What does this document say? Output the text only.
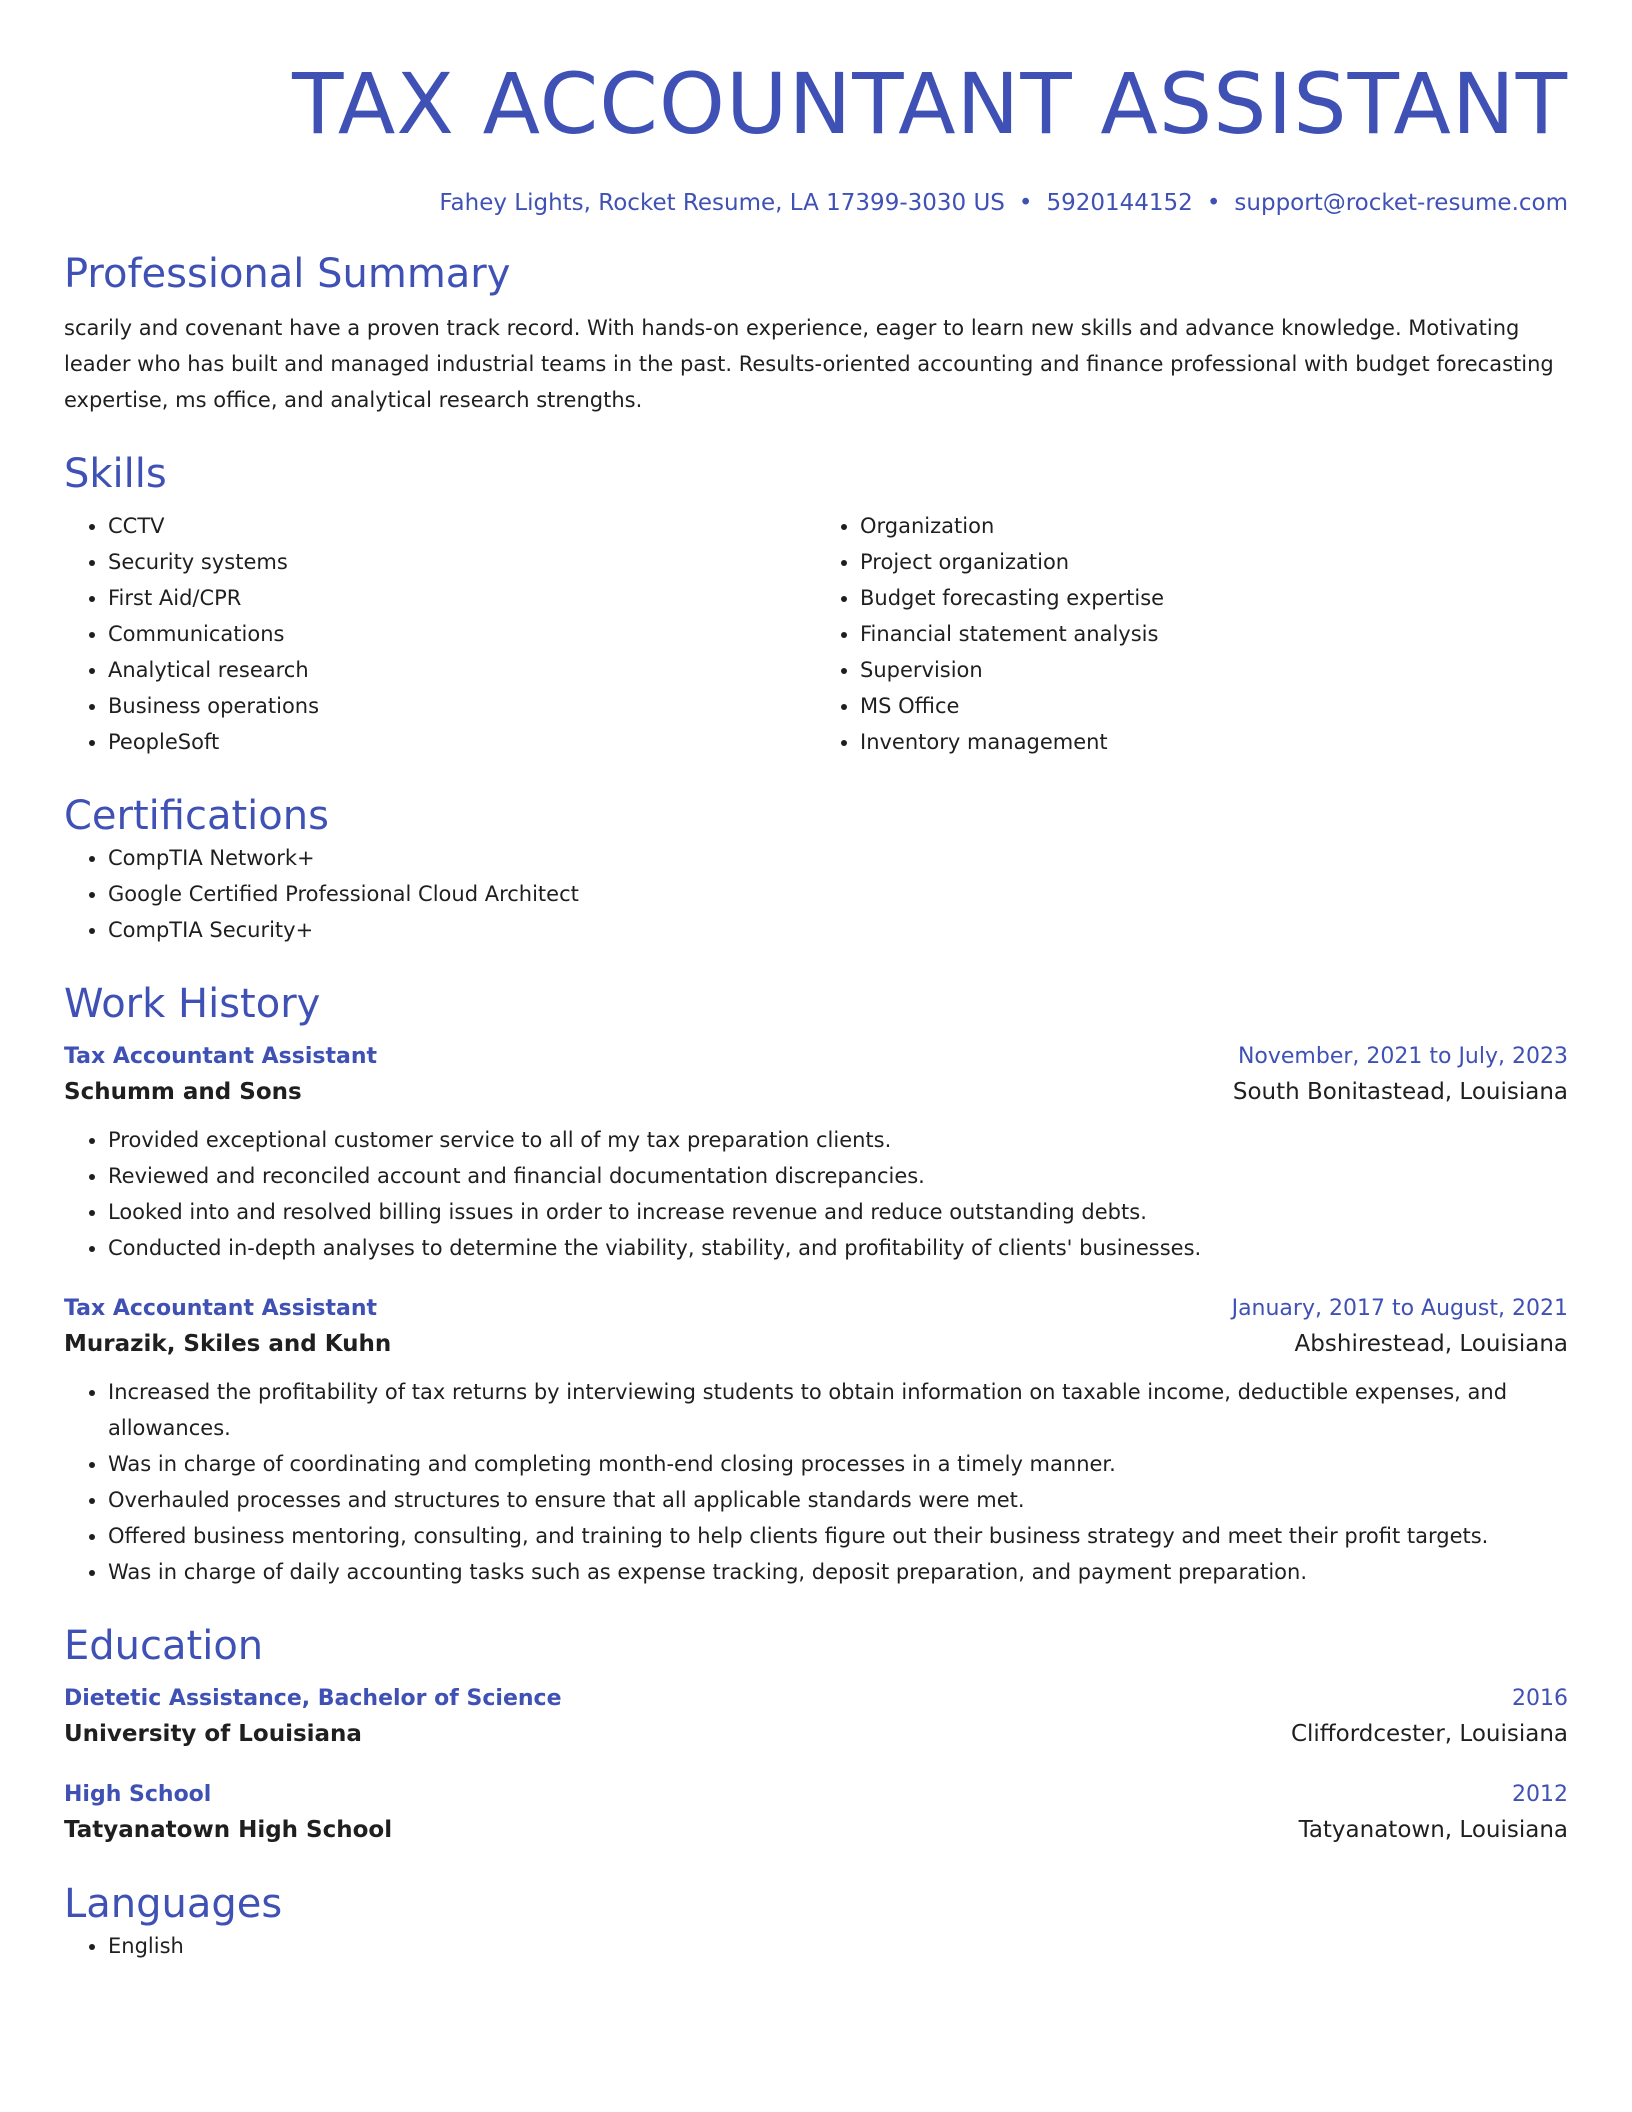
TAX ACCOUNTANT ASSISTANT
Fahey Lights, Rocket Resume, LA 17399-3030 US • 5920144152 • support@rocket-resume.com
Professional Summary

scarily and covenant have a proven track record. With hands-on experience, eager to learn new skills and advance knowledge. Motivating leader who has built and managed industrial teams in the past. Results-oriented accounting and finance professional with budget forecasting expertise, ms office, and analytical research strengths.

Skills
• CCTV
• Security systems
• First Aid/CPR
• Communications
• Analytical research
• Business operations
• PeopleSoft
• Organization
• Project organization
• Budget forecasting expertise
• Financial statement analysis
• Supervision
• MS Office
• Inventory management
Certifications
• CompTIA Network+
• Google Certified Professional Cloud Architect
• CompTIA Security+
Work History
Tax Accountant Assistant	November, 2021 to July, 2023
Schumm and Sons	South Bonitastead, Louisiana
• Provided exceptional customer service to all of my tax preparation clients.
• Reviewed and reconciled account and financial documentation discrepancies.
• Looked into and resolved billing issues in order to increase revenue and reduce outstanding debts.
• Conducted in-depth analyses to determine the viability, stability, and profitability of clients' businesses.
Tax Accountant Assistant	January, 2017 to August, 2021
Murazik, Skiles and Kuhn	Abshirestead, Louisiana
• Increased the profitability of tax returns by interviewing students to obtain information on taxable income, deductible expenses, and allowances.
• Was in charge of coordinating and completing month-end closing processes in a timely manner.
• Overhauled processes and structures to ensure that all applicable standards were met.
• Offered business mentoring, consulting, and training to help clients figure out their business strategy and meet their profit targets.
• Was in charge of daily accounting tasks such as expense tracking, deposit preparation, and payment preparation.
Education
Dietetic Assistance, Bachelor of Science	2016
University of Louisiana	Cliffordcester, Louisiana
High School	2012
Tatyanatown High School	Tatyanatown, Louisiana
Languages
• English
